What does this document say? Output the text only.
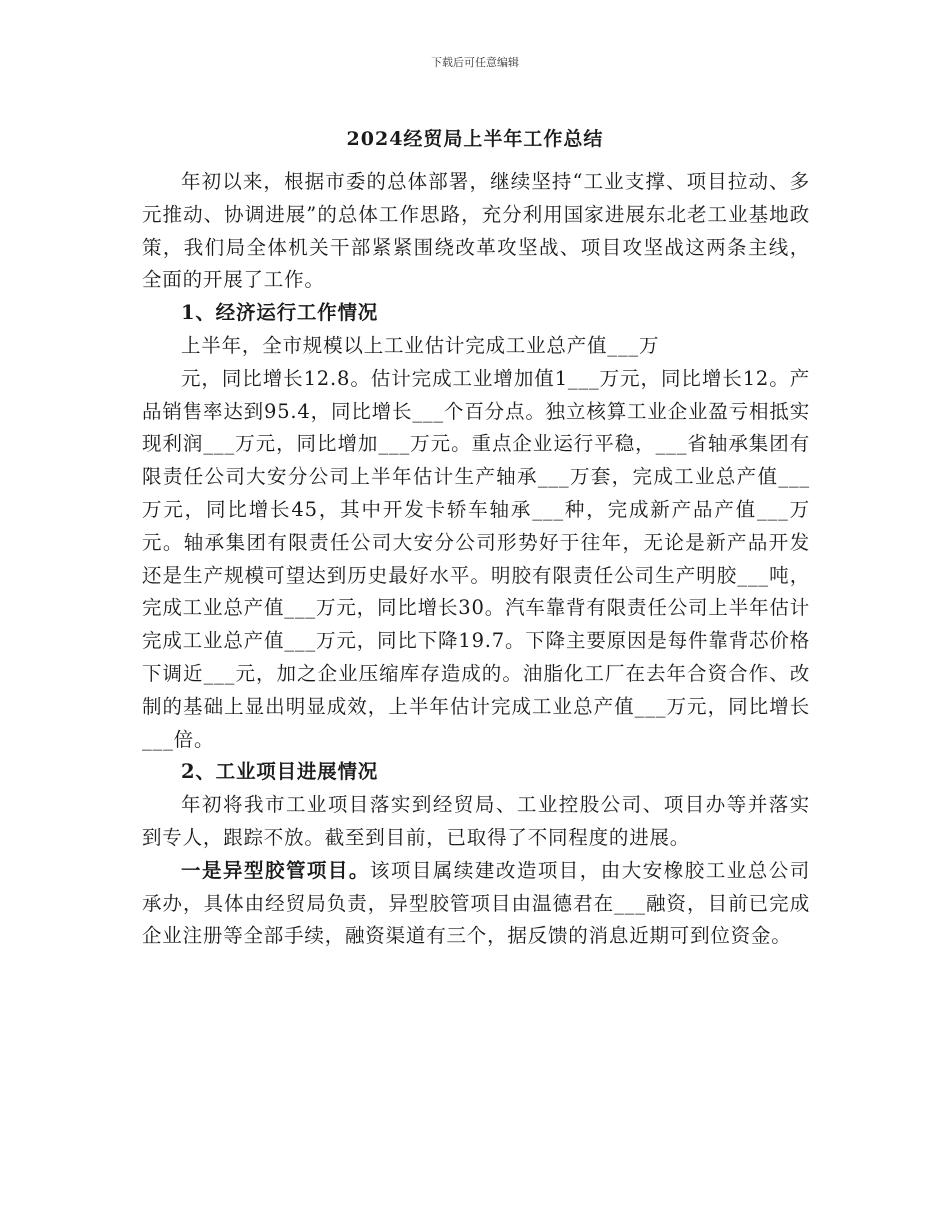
下载后可任意编辑
2024经贸局上半年工作总结

年初以来，根据市委的总体部署，继续坚持“工业支撑、项目拉动、多元推动、协调进展”的总体工作思路，充分利用国家进展东北老工业基地政策，我们局全体机关干部紧紧围绕改革攻坚战、项目攻坚战这两条主线，全面的开展了工作。

1、经济运行工作情况

上半年，全市规模以上工业估计完成工业总产值___万

元，同比增长12.8。估计完成工业增加值1___万元，同比增长12。产品销售率达到95.4，同比增长___个百分点。独立核算工业企业盈亏相抵实现利润___万元，同比增加___万元。重点企业运行平稳，___省轴承集团有限责任公司大安分公司上半年估计生产轴承___万套，完成工业总产值___万元，同比增长45，其中开发卡轿车轴承___种，完成新产品产值___万元。轴承集团有限责任公司大安分公司形势好于往年，无论是新产品开发还是生产规模可望达到历史最好水平。明胶有限责任公司生产明胶___吨，完成工业总产值___万元，同比增长30。汽车靠背有限责任公司上半年估计完成工业总产值___万元，同比下降19.7。下降主要原因是每件靠背芯价格下调近___元，加之企业压缩库存造成的。油脂化工厂在去年合资合作、改制的基础上显出明显成效，上半年估计完成工业总产值___万元，同比增长___倍。

2、工业项目进展情况

年初将我市工业项目落实到经贸局、工业控股公司、项目办等并落实到专人，跟踪不放。截至到目前，已取得了不同程度的进展。

一是异型胶管项目。该项目属续建改造项目，由大安橡胶工业总公司承办，具体由经贸局负责，异型胶管项目由温德君在___融资，目前已完成企业注册等全部手续，融资渠道有三个，据反馈的消息近期可到位资金。
